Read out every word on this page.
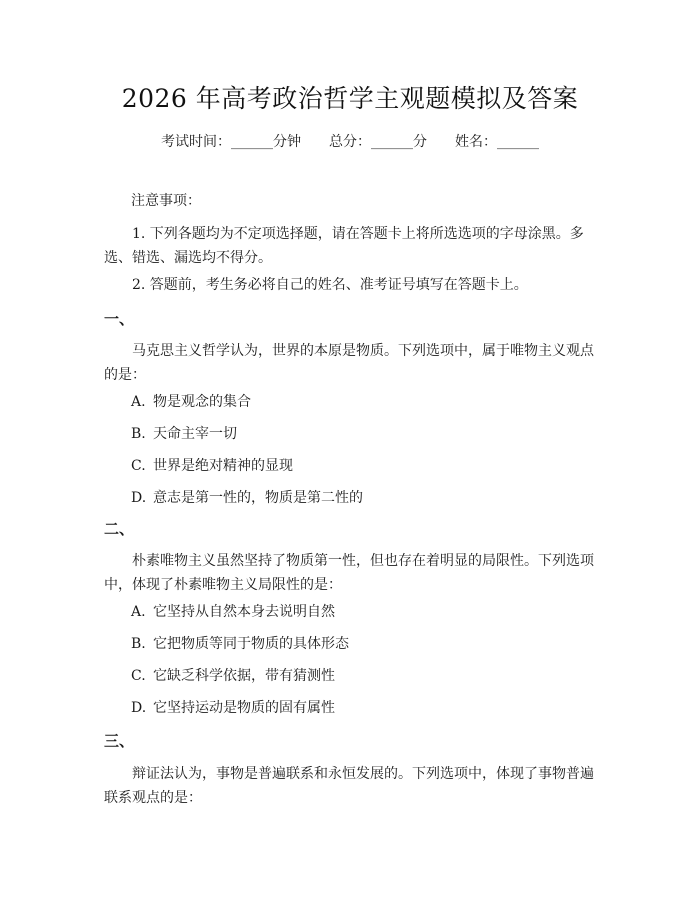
2026 年高考政治哲学主观题模拟及答案
考试时间：______分钟 总分：______分 姓名：______
注意事项：
1. 下列各题均为不定项选择题，请在答题卡上将所选选项的字母涂黑。多选、错选、漏选均不得分。
2. 答题前，考生务必将自己的姓名、准考证号填写在答题卡上。
一、
马克思主义哲学认为，世界的本原是物质。下列选项中，属于唯物主义观点的是：
A. 物是观念的集合
B. 天命主宰一切
C. 世界是绝对精神的显现
D. 意志是第一性的，物质是第二性的
二、
朴素唯物主义虽然坚持了物质第一性，但也存在着明显的局限性。下列选项中，体现了朴素唯物主义局限性的是：
A. 它坚持从自然本身去说明自然
B. 它把物质等同于物质的具体形态
C. 它缺乏科学依据，带有猜测性
D. 它坚持运动是物质的固有属性
三、
辩证法认为，事物是普遍联系和永恒发展的。下列选项中，体现了事物普遍联系观点的是：
